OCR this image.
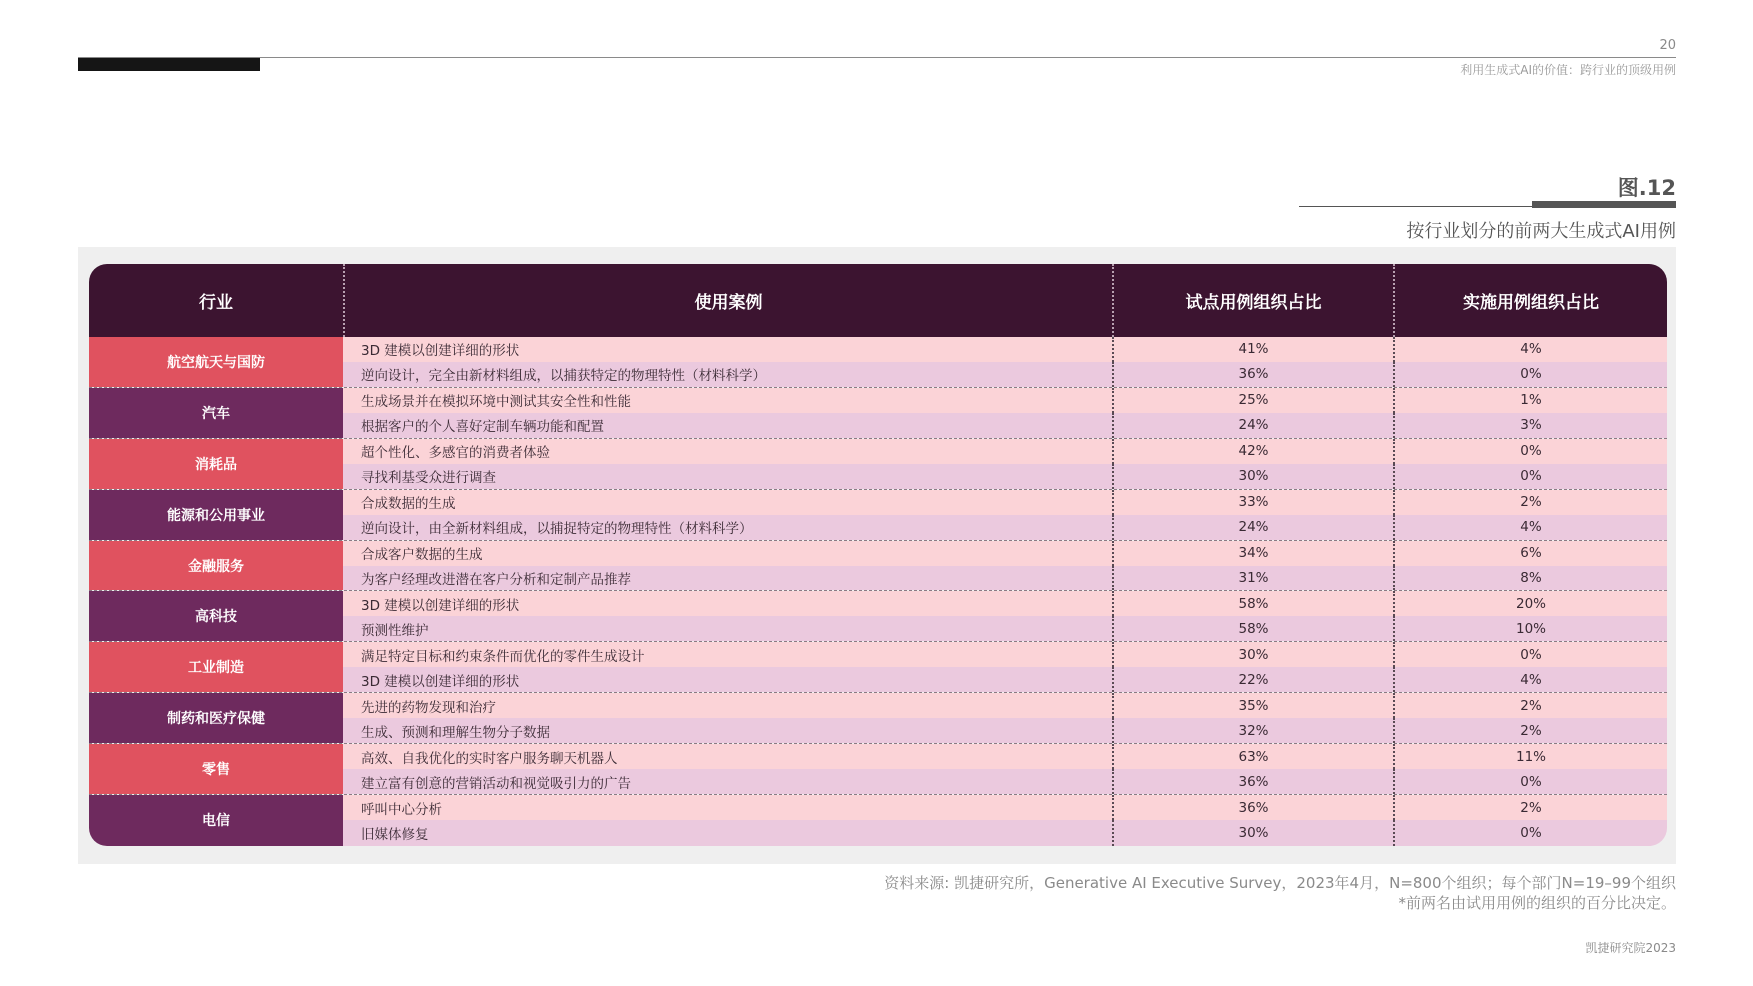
20
利用生成式AI的价值：跨行业的顶级用例
图.12
按行业划分的前两大生成式AI用例
行业	使用案例	试点用例组织占比	实施用例组织占比
航空航天与国防
3D 建模以创建详细的形状	41%	4%
逆向设计，完全由新材料组成，以捕获特定的物理特性（材料科学）	36%	0%
汽车
生成场景并在模拟环境中测试其安全性和性能	25%	1%
根据客户的个人喜好定制车辆功能和配置	24%	3%
消耗品
超个性化、多感官的消费者体验	42%	0%
寻找利基受众进行调查	30%	0%
能源和公用事业
合成数据的生成	33%	2%
逆向设计，由全新材料组成，以捕捉特定的物理特性（材料科学）	24%	4%
金融服务
合成客户数据的生成	34%	6%
为客户经理改进潜在客户分析和定制产品推荐	31%	8%
高科技
3D 建模以创建详细的形状	58%	20%
预测性维护	58%	10%
工业制造
满足特定目标和约束条件而优化的零件生成设计	30%	0%
3D 建模以创建详细的形状	22%	4%
制药和医疗保健
先进的药物发现和治疗	35%	2%
生成、预测和理解生物分子数据	32%	2%
零售
高效、自我优化的实时客户服务聊天机器人	63%	11%
建立富有创意的营销活动和视觉吸引力的广告	36%	0%
电信
呼叫中心分析	36%	2%
旧媒体修复	30%	0%
资料来源: 凯捷研究所，Generative AI Executive Survey，2023年4月，N=800个组织；每个部门N=19–99个组织
*前两名由试用用例的组织的百分比决定。
凯捷研究院2023
